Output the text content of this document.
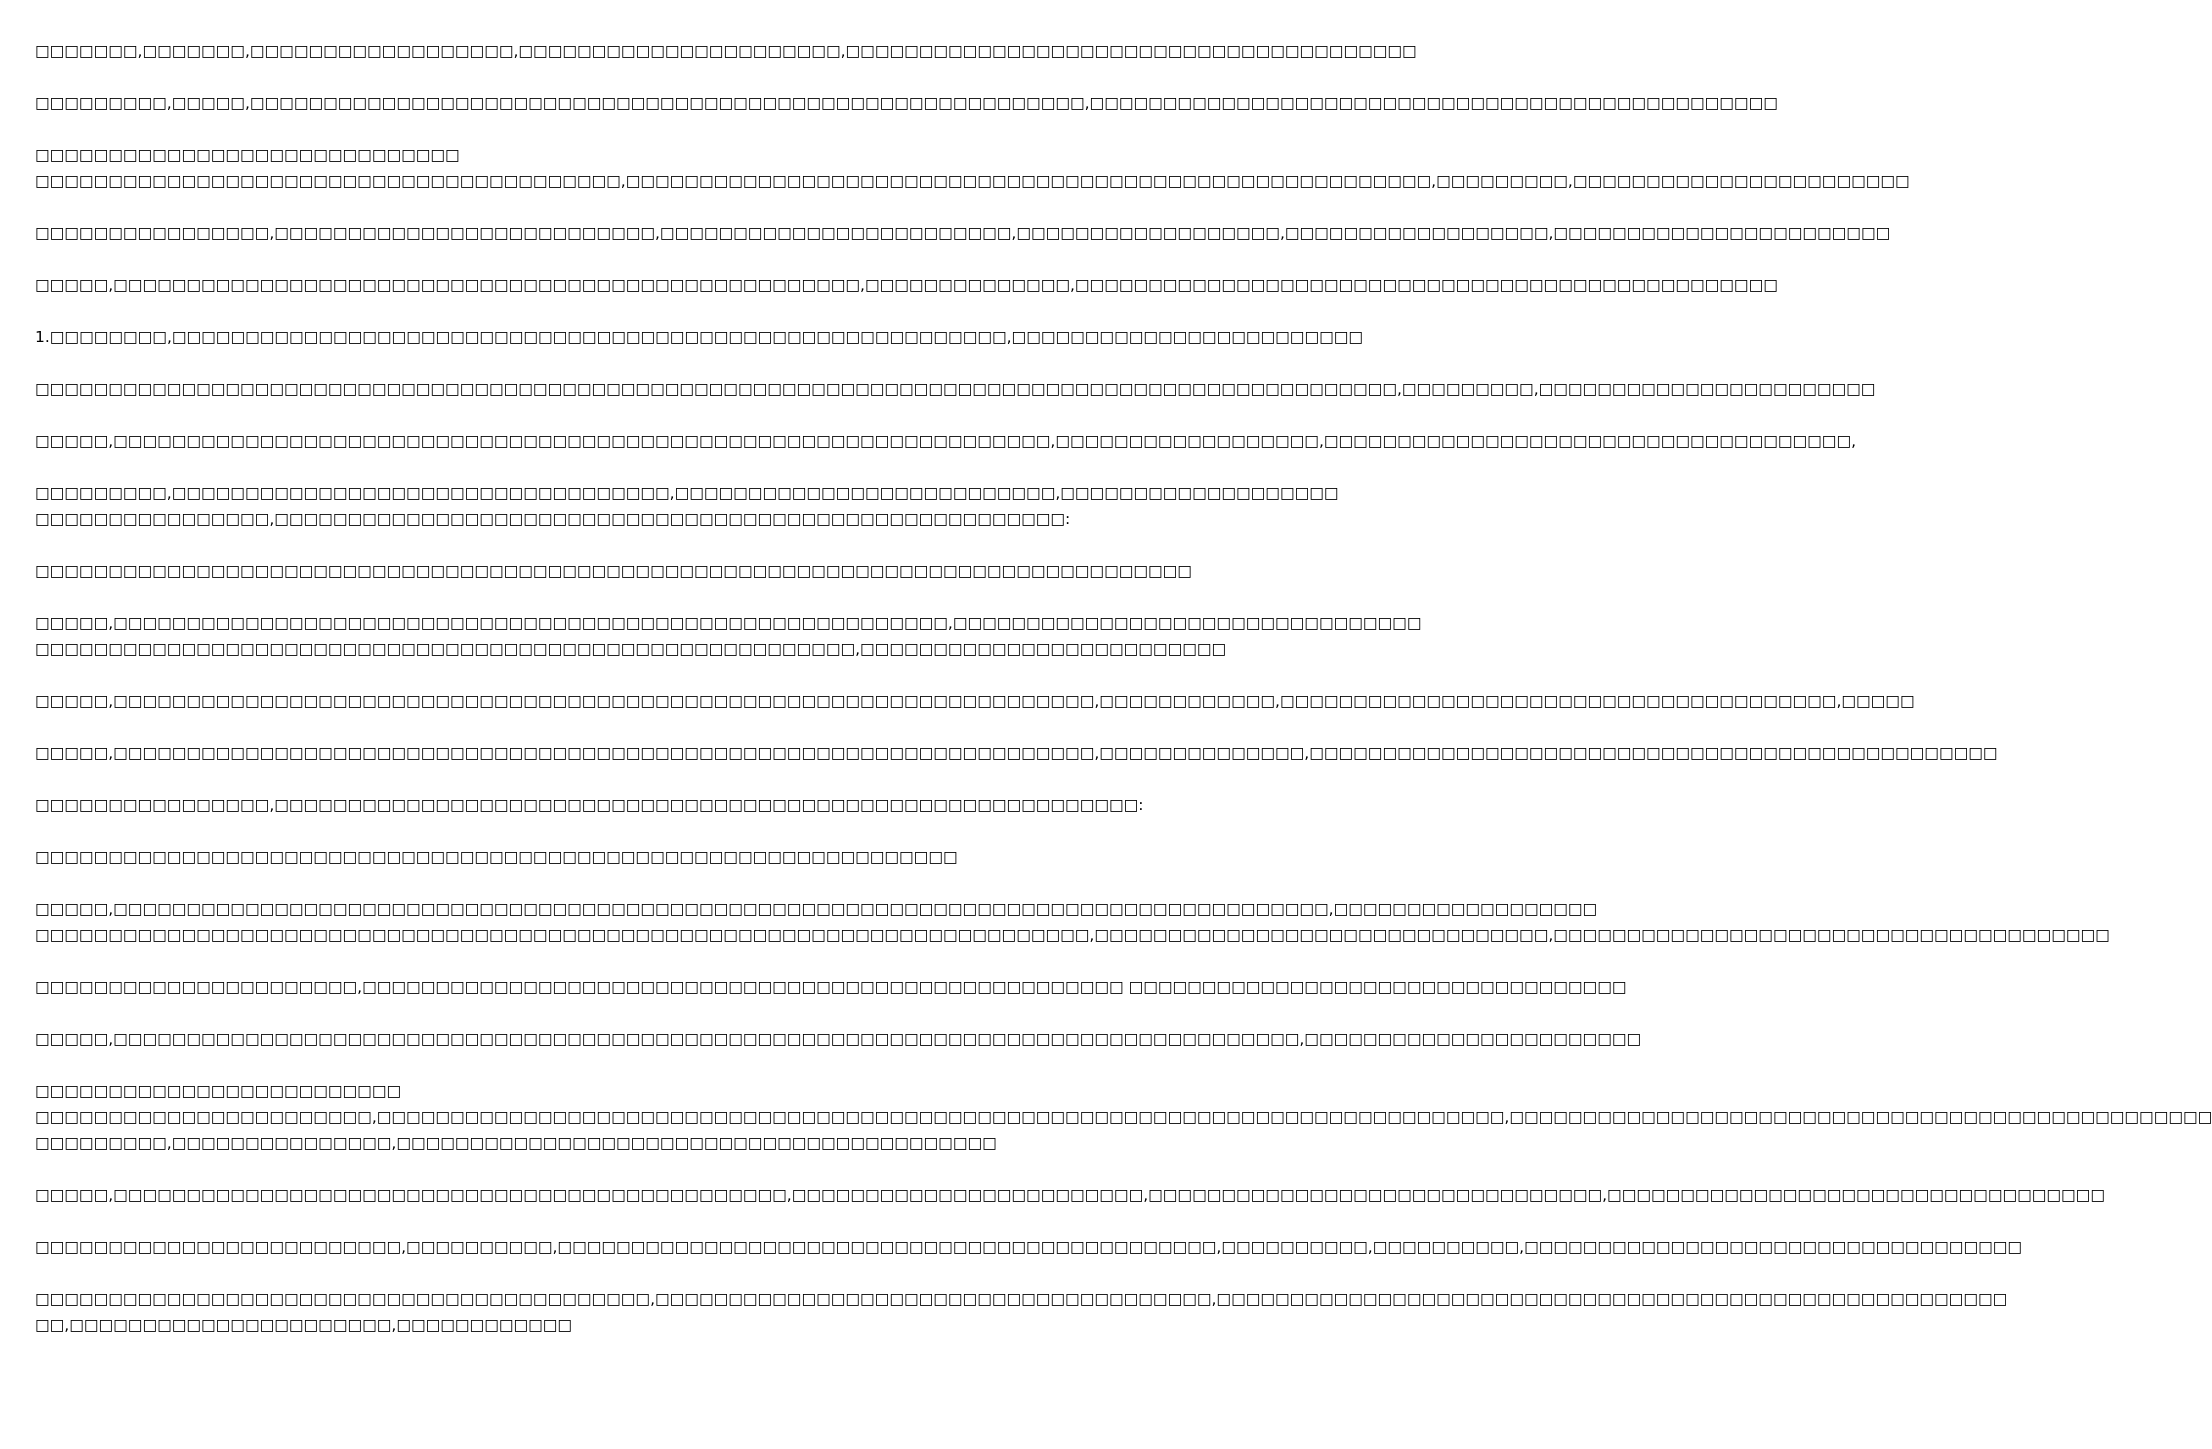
□□□□□□□,□□□□□□□,□□□□□□□□□□□□□□□□□□,□□□□□□□□□□□□□□□□□□□□□□,□□□□□□□□□□□□□□□□□□□□□□□□□□□□□□□□□□□□□□□
□□□□□□□□□,□□□□□,□□□□□□□□□□□□□□□□□□□□□□□□□□□□□□□□□□□□□□□□□□□□□□□□□□□□□□□□□,□□□□□□□□□□□□□□□□□□□□□□□□□□□□□□□□□□□□□□□□□□□□□□□
□□□□□□□□□□□□□□□□□□□□□□□□□□□□□
□□□□□□□□□□□□□□□□□□□□□□□□□□□□□□□□□□□□□□□□,□□□□□□□□□□□□□□□□□□□□□□□□□□□□□□□□□□□□□□□□□□□□□□□□□□□□□□□,□□□□□□□□□,□□□□□□□□□□□□□□□□□□□□□□□
□□□□□□□□□□□□□□□□,□□□□□□□□□□□□□□□□□□□□□□□□□□,□□□□□□□□□□□□□□□□□□□□□□□□,□□□□□□□□□□□□□□□□□□,□□□□□□□□□□□□□□□□□□,□□□□□□□□□□□□□□□□□□□□□□□
□□□□□,□□□□□□□□□□□□□□□□□□□□□□□□□□□□□□□□□□□□□□□□□□□□□□□□□□□,□□□□□□□□□□□□□□,□□□□□□□□□□□□□□□□□□□□□□□□□□□□□□□□□□□□□□□□□□□□□□□□
1.□□□□□□□□,□□□□□□□□□□□□□□□□□□□□□□□□□□□□□□□□□□□□□□□□□□□□□□□□□□□□□□□□□,□□□□□□□□□□□□□□□□□□□□□□□□
□□□□□□□□□□□□□□□□□□□□□□□□□□□□□□□□□□□□□□□□□□□□□□□□□□□□□□□□□□□□□□□□□□□□□□□□□□□□□□□□□□□□□□□□□□□□□,□□□□□□□□□,□□□□□□□□□□□□□□□□□□□□□□□
□□□□□,□□□□□□□□□□□□□□□□□□□□□□□□□□□□□□□□□□□□□□□□□□□□□□□□□□□□□□□□□□□□□□□□,□□□□□□□□□□□□□□□□□□,□□□□□□□□□□□□□□□□□□□□□□□□□□□□□□□□□□□□,
□□□□□□□□□,□□□□□□□□□□□□□□□□□□□□□□□□□□□□□□□□□□,□□□□□□□□□□□□□□□□□□□□□□□□□□,□□□□□□□□□□□□□□□□□□□
□□□□□□□□□□□□□□□□,□□□□□□□□□□□□□□□□□□□□□□□□□□□□□□□□□□□□□□□□□□□□□□□□□□□□□□:
□□□□□□□□□□□□□□□□□□□□□□□□□□□□□□□□□□□□□□□□□□□□□□□□□□□□□□□□□□□□□□□□□□□□□□□□□□□□□□□
□□□□□,□□□□□□□□□□□□□□□□□□□□□□□□□□□□□□□□□□□□□□□□□□□□□□□□□□□□□□□□□,□□□□□□□□□□□□□□□□□□□□□□□□□□□□□□□□
□□□□□□□□□□□□□□□□□□□□□□□□□□□□□□□□□□□□□□□□□□□□□□□□□□□□□□□□,□□□□□□□□□□□□□□□□□□□□□□□□□
□□□□□,□□□□□□□□□□□□□□□□□□□□□□□□□□□□□□□□□□□□□□□□□□□□□□□□□□□□□□□□□□□□□□□□□□□,□□□□□□□□□□□□,□□□□□□□□□□□□□□□□□□□□□□□□□□□□□□□□□□□□□□,□□□□□
□□□□□,□□□□□□□□□□□□□□□□□□□□□□□□□□□□□□□□□□□□□□□□□□□□□□□□□□□□□□□□□□□□□□□□□□□,□□□□□□□□□□□□□□,□□□□□□□□□□□□□□□□□□□□□□□□□□□□□□□□□□□□□□□□□□□□□□□
□□□□□□□□□□□□□□□□,□□□□□□□□□□□□□□□□□□□□□□□□□□□□□□□□□□□□□□□□□□□□□□□□□□□□□□□□□□□:
□□□□□□□□□□□□□□□□□□□□□□□□□□□□□□□□□□□□□□□□□□□□□□□□□□□□□□□□□□□□□□□
□□□□□,□□□□□□□□□□□□□□□□□□□□□□□□□□□□□□□□□□□□□□□□□□□□□□□□□□□□□□□□□□□□□□□□□□□□□□□□□□□□□□□□□□□,□□□□□□□□□□□□□□□□□□
□□□□□□□□□□□□□□□□□□□□□□□□□□□□□□□□□□□□□□□□□□□□□□□□□□□□□□□□□□□□□□□□□□□□□□□□,□□□□□□□□□□□□□□□□□□□□□□□□□□□□□□□,□□□□□□□□□□□□□□□□□□□□□□□□□□□□□□□□□□□□□□
□□□□□□□□□□□□□□□□□□□□□□,□□□□□□□□□□□□□□□□□□□□□□□□□□□□□□□□□□□□□□□□□□□□□□□□□□□□ □□□□□□□□□□□□□□□□□□□□□□□□□□□□□□□□□□
□□□□□,□□□□□□□□□□□□□□□□□□□□□□□□□□□□□□□□□□□□□□□□□□□□□□□□□□□□□□□□□□□□□□□□□□□□□□□□□□□□□□□□□,□□□□□□□□□□□□□□□□□□□□□□□
□□□□□□□□□□□□□□□□□□□□□□□□□
□□□□□□□□□□□□□□□□□□□□□□□,□□□□□□□□□□□□□□□□□□□□□□□□□□□□□□□□□□□□□□□□□□□□□□□□□□□□□□□□□□□□□□□□□□□□□□□□□□□□□,□□□□□□□□□□□□□□□□□□□□□□□□□□□□□□□□□□□□□□□□□□□□□□□□
□□□□□□□□□,□□□□□□□□□□□□□□□,□□□□□□□□□□□□□□□□□□□□□□□□□□□□□□□□□□□□□□□□□
□□□□□,□□□□□□□□□□□□□□□□□□□□□□□□□□□□□□□□□□□□□□□□□□□□□□,□□□□□□□□□□□□□□□□□□□□□□□□,□□□□□□□□□□□□□□□□□□□□□□□□□□□□□□□,□□□□□□□□□□□□□□□□□□□□□□□□□□□□□□□□□□
□□□□□□□□□□□□□□□□□□□□□□□□□,□□□□□□□□□□,□□□□□□□□□□□□□□□□□□□□□□□□□□□□□□□□□□□□□□□□□□□□□,□□□□□□□□□□,□□□□□□□□□□,□□□□□□□□□□□□□□□□□□□□□□□□□□□□□□□□□□
□□□□□□□□□□□□□□□□□□□□□□□□□□□□□□□□□□□□□□□□□□,□□□□□□□□□□□□□□□□□□□□□□□□□□□□□□□□□□□□□□,□□□□□□□□□□□□□□□□□□□□□□□□□□□□□□□□□□□□□□□□□□□□□□□□□□□□□□
□□,□□□□□□□□□□□□□□□□□□□□□□,□□□□□□□□□□□□
